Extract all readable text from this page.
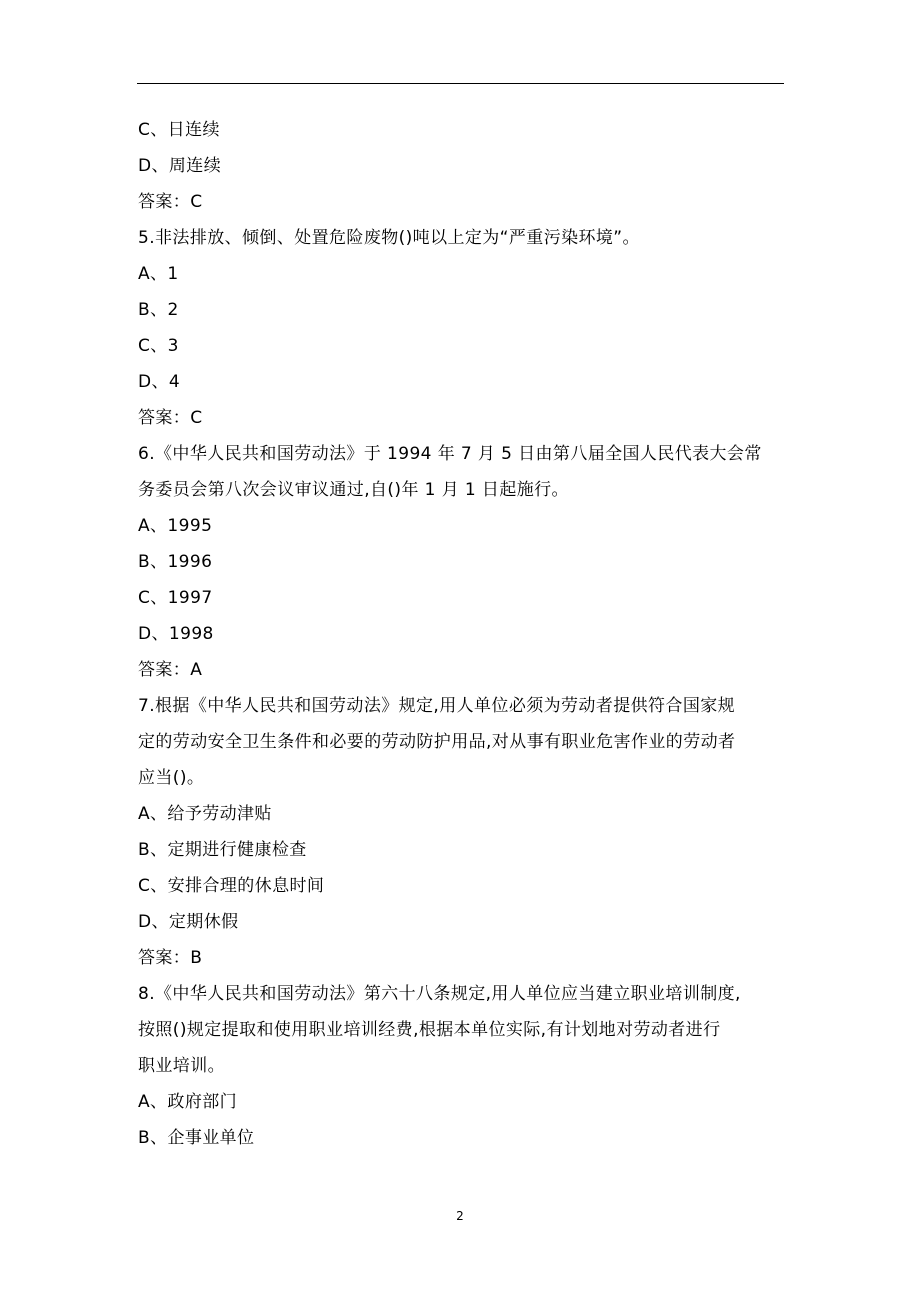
C、日连续
D、周连续
答案：C
5.非法排放、倾倒、处置危险废物()吨以上定为“严重污染环境”。
A、1
B、2
C、3
D、4
答案：C
6.《中华人民共和国劳动法》于 1994 年 7 月 5 日由第八届全国人民代表大会常
务委员会第八次会议审议通过,自()年 1 月 1 日起施行。
A、1995
B、1996
C、1997
D、1998
答案：A
7.根据《中华人民共和国劳动法》规定,用人单位必须为劳动者提供符合国家规
定的劳动安全卫生条件和必要的劳动防护用品,对从事有职业危害作业的劳动者
应当()。
A、给予劳动津贴
B、定期进行健康检查
C、安排合理的休息时间
D、定期休假
答案：B
8.《中华人民共和国劳动法》第六十八条规定,用人单位应当建立职业培训制度,
按照()规定提取和使用职业培训经费,根据本单位实际,有计划地对劳动者进行
职业培训。
A、政府部门
B、企事业单位
2
